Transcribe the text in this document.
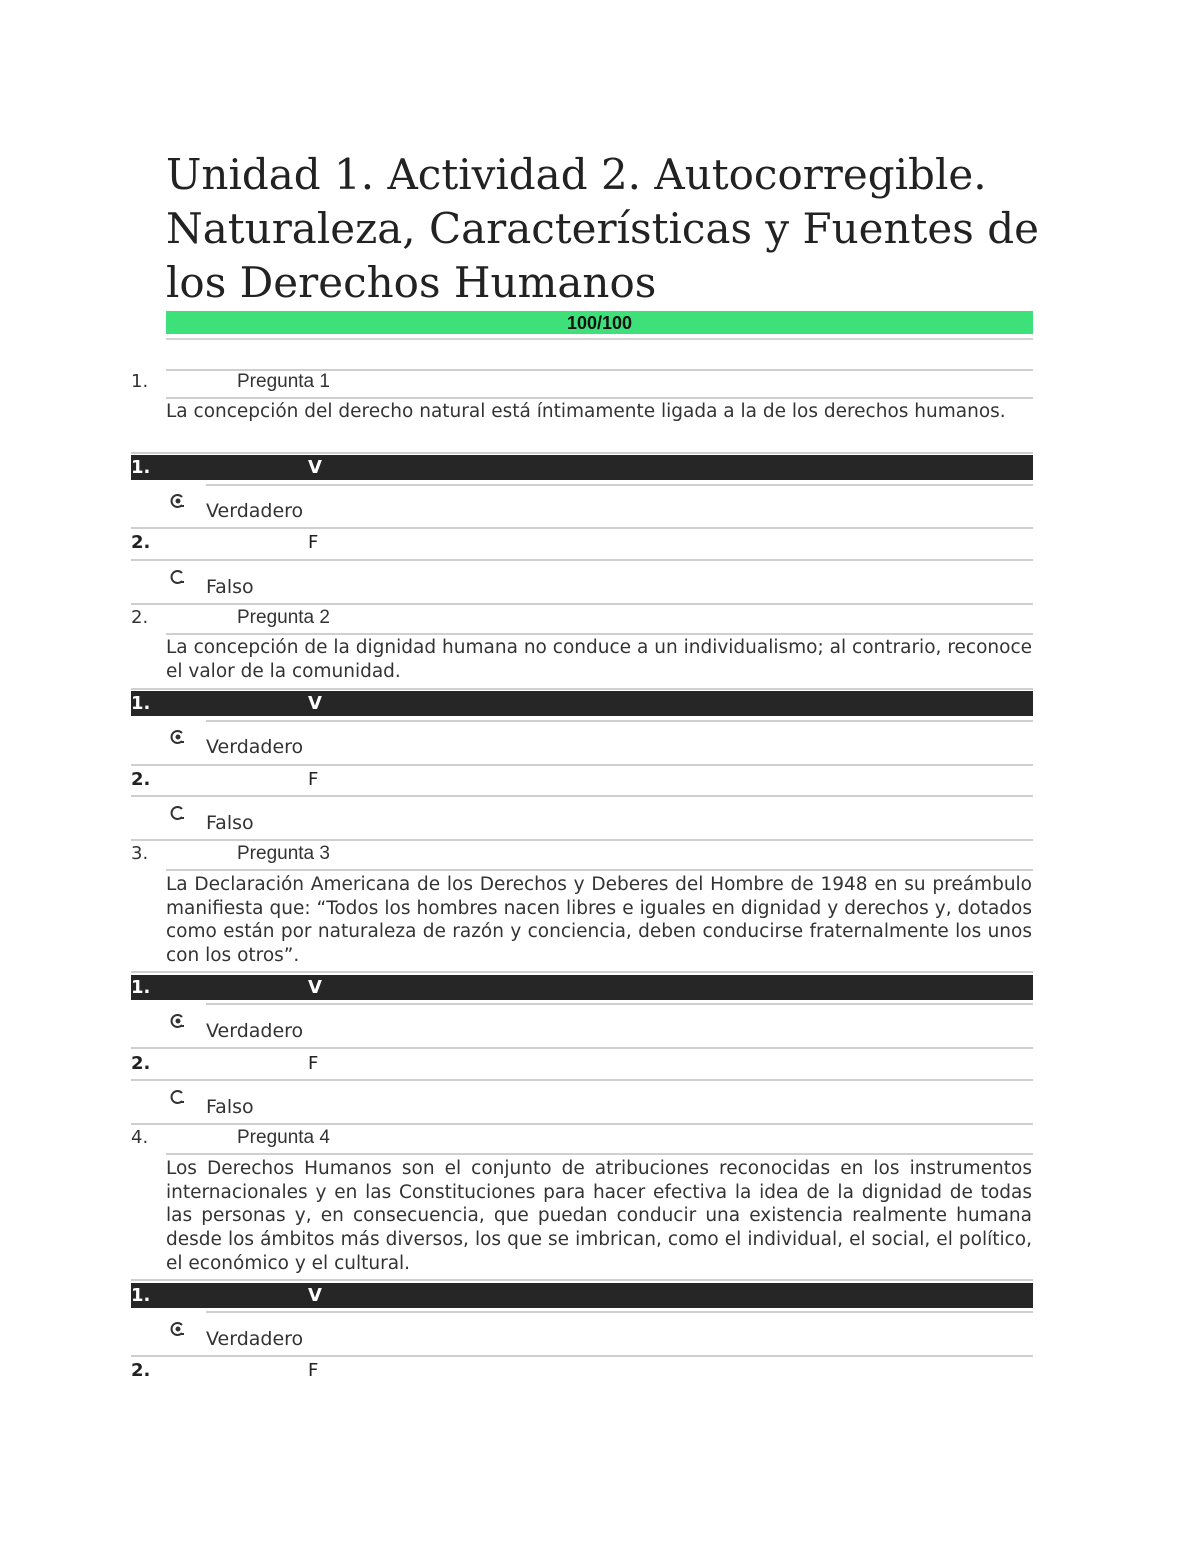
Unidad 1. Actividad 2. Autocorregible. Naturaleza, Características y Fuentes de los Derechos Humanos
100/100
1.	Pregunta 1

La concepción del derecho natural está íntimamente ligada a la de los derechos humanos.

1.	V
Verdadero
2.	F
Falso
2.	Pregunta 2

La concepción de la dignidad humana no conduce a un individualismo; al contrario, reconoce el valor de la comunidad.

1.	V
Verdadero
2.	F
Falso
3.	Pregunta 3

La Declaración Americana de los Derechos y Deberes del Hombre de 1948 en su preámbulo manifiesta que: “Todos los hombres nacen libres e iguales en dignidad y derechos y, dotados como están por naturaleza de razón y conciencia, deben conducirse fraternalmente los unos con los otros”.

1.	V
Verdadero
2.	F
Falso
4.	Pregunta 4

Los Derechos Humanos son el conjunto de atribuciones reconocidas en los instrumentos internacionales y en las Constituciones para hacer efectiva la idea de la dignidad de todas las personas y, en consecuencia, que puedan conducir una existencia realmente humana desde los ámbitos más diversos, los que se imbrican, como el individual, el social, el político, el económico y el cultural.

1.	V
Verdadero
2.	F
